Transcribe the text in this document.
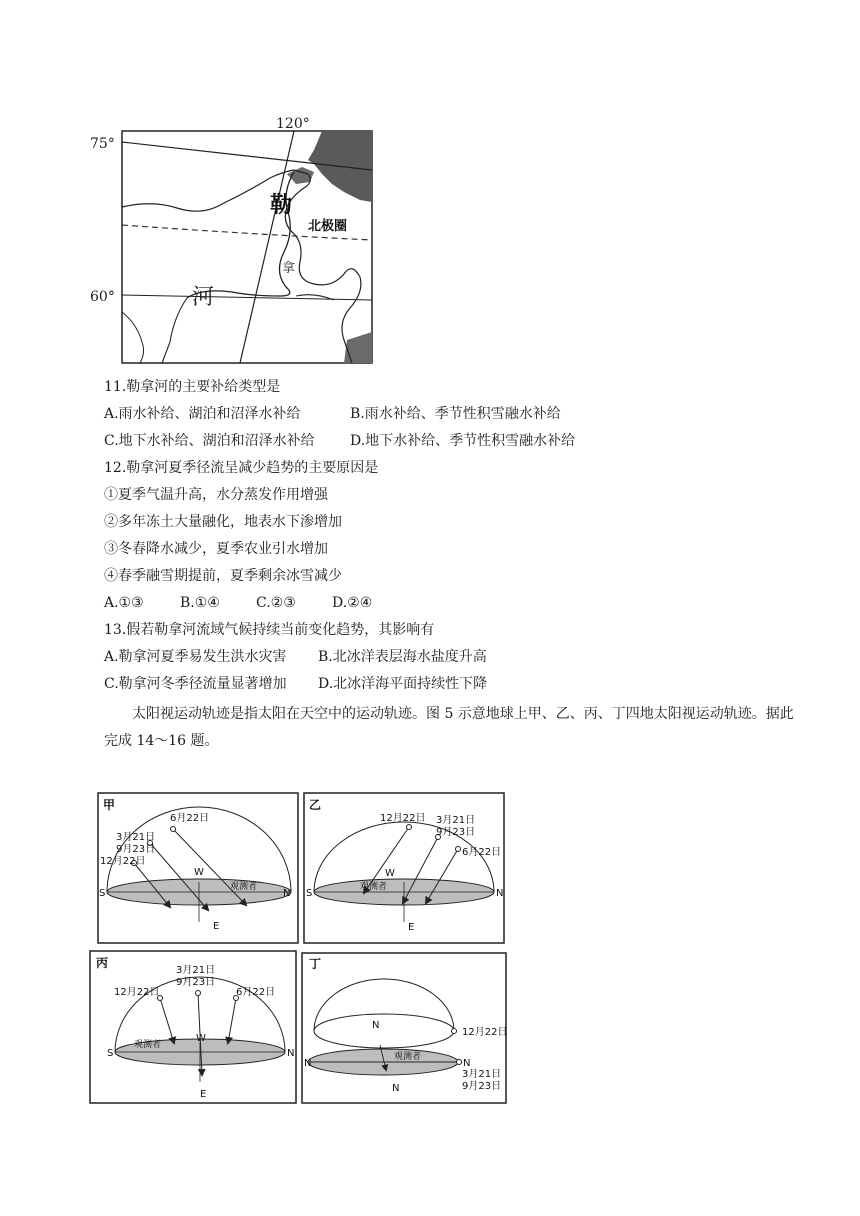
75°
60°
120°
勒
拿
河
北极圈
11.勒拿河的主要补给类型是
A.雨水补给、湖泊和沼泽水补给	B.雨水补给、季节性积雪融水补给
C.地下水补给、湖泊和沼泽水补给	D.地下水补给、季节性积雪融水补给
12.勒拿河夏季径流呈减少趋势的主要原因是
①夏季气温升高，水分蒸发作用增强
②多年冻土大量融化，地表水下渗增加
③冬春降水减少，夏季农业引水增加
④春季融雪期提前，夏季剩余冰雪减少
A.①③	B.①④	C.②③	D.②④
13.假若勒拿河流域气候持续当前变化趋势，其影响有
A.勒拿河夏季易发生洪水灾害 B.北冰洋表层海水盐度升高
C.勒拿河冬季径流量显著增加 D.北冰洋海平面持续性下降
太阳视运动轨迹是指太阳在天空中的运动轨迹。图 5 示意地球上甲、乙、丙、丁四地太阳视运动轨迹。据此完成 14～16 题。
甲
6月22日
3月21日
9月23日
12月22日
S	N
W
E
观测者
乙
12月22日 3月21日
9月23日
6月22日
S	N
W
E
观测者
丙
3月21日
9月23日
12月22日	6月22日
S	N
W
E
观测者
丁
N
N	N
N
12月22日
3月21日
9月23日
观测者
